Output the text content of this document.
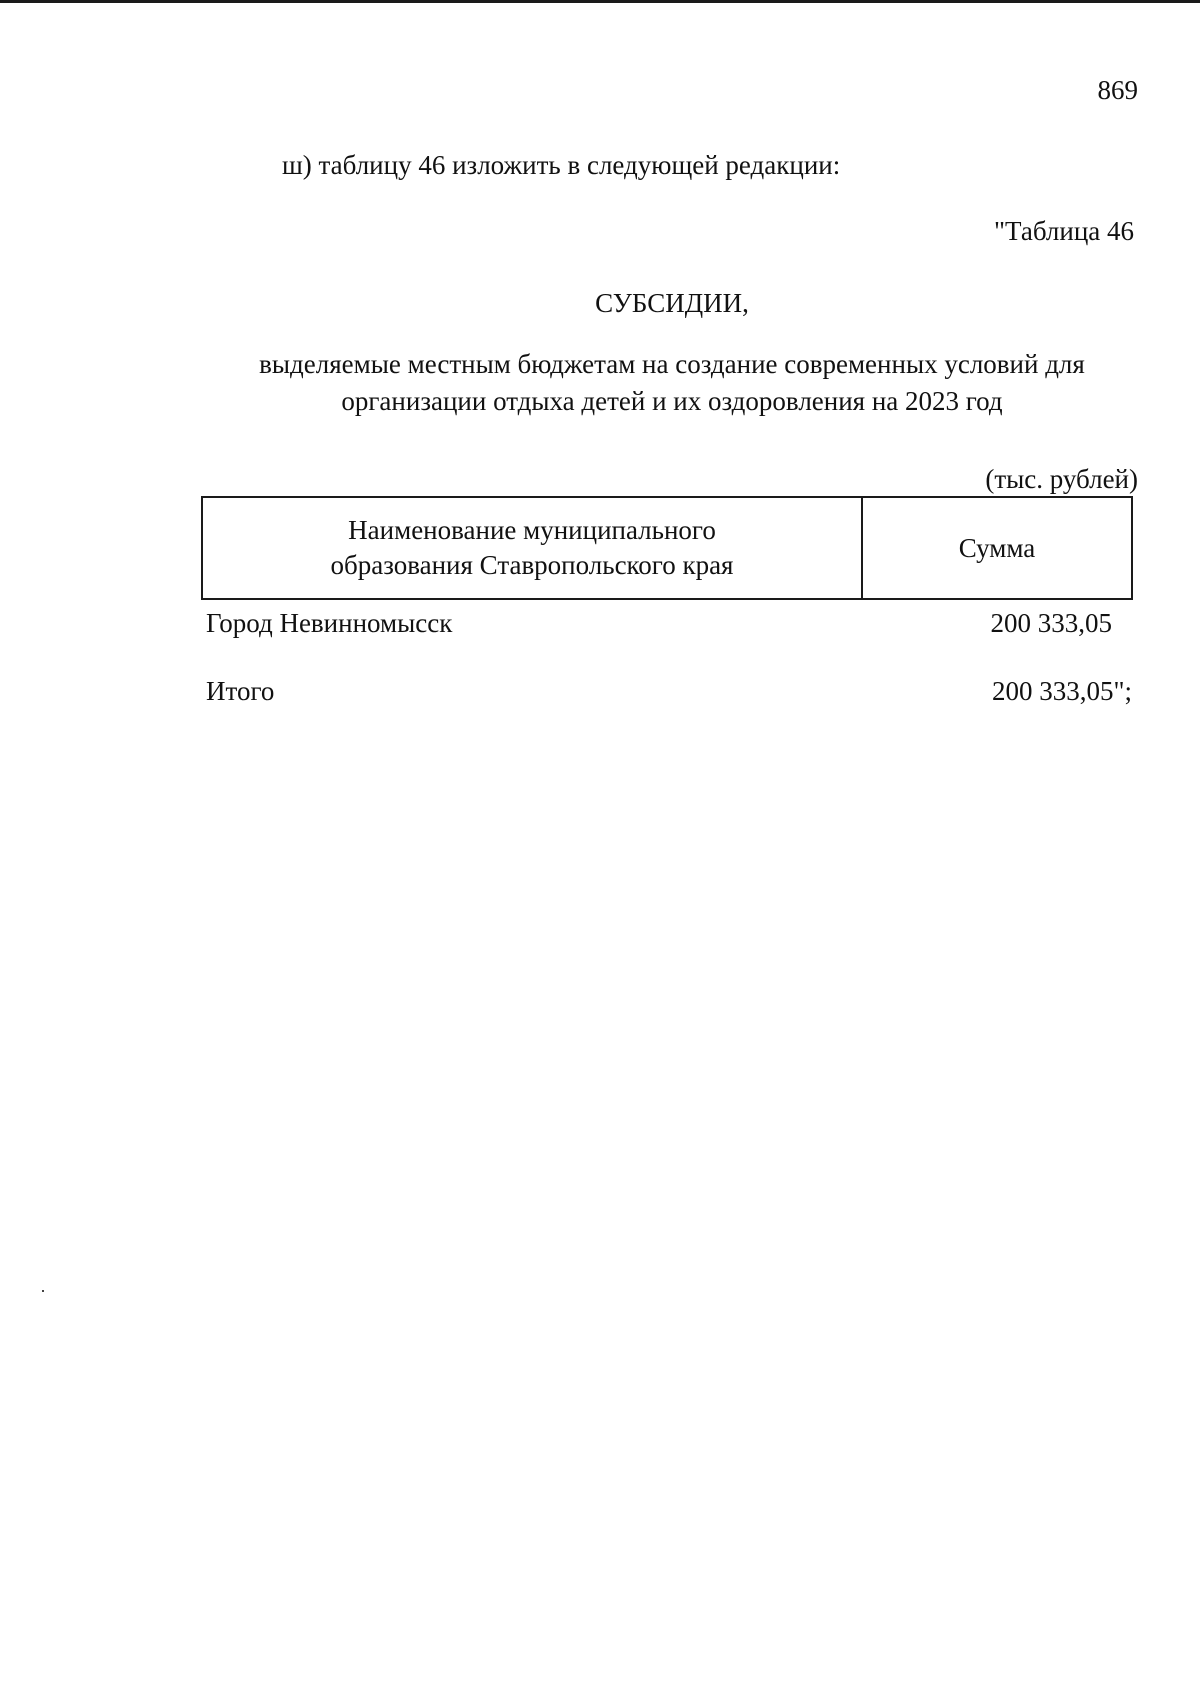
869
ш) таблицу 46 изложить в следующей редакции:
"Таблица 46
СУБСИДИИ,
выделяемые местным бюджетам на создание современных условий для
организации отдыха детей и их оздоровления на 2023 год
(тыс. рублей)
Наименование муниципального
образования Ставропольского края	Сумма
Город Невинномысск	200 333,05
Итого	200 333,05";
